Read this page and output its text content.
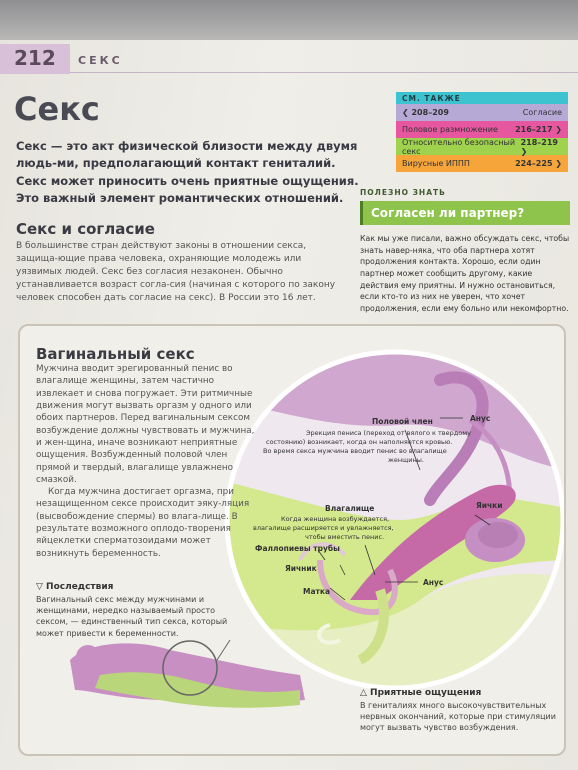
212 СЕКС
Секс
Секс — это акт физической близости между двумя людь-ми, предполагающий контакт гениталий. Секс может приносить очень приятные ощущения. Это важный элемент романтических отношений.
СМ. ТАКЖЕ
❮ 208–209	Согласие
Половое размножение 216–217 ❯
Относительно безопасный секс
218–219 ❯
Вирусные ИППП	224–225 ❯
ПОЛЕЗНО ЗНАТЬ
Согласен ли партнер?
Как мы уже писали, важно обсуждать секс, чтобы знать навер-няка, что оба партнера хотят продолжения контакта. Хорошо, если один партнер может сообщить другому, какие действия ему приятны. И нужно остановиться, если кто-то из них не уверен, что хочет продолжения, если ему больно или некомфортно.
Секс и согласие
В большинстве стран действуют законы в отношении секса, защища-ющие права человека, охраняющие молодежь или уязвимых людей. Секс без согласия незаконен. Обычно устанавливается возраст согла-сия (начиная с которого по закону человек способен дать согласие на секс). В России это 16 лет.
Половой член
Эрекция пениса (переход от вялого к твердому
состоянию) возникает, когда он наполняется кровью.
Во время секса мужчина вводит пенис во влагалище
женщины.
Анус
Яички
Влагалище
Когда женщина возбуждается,
влагалище расширяется и увлажняется,
чтобы вместить пенис.
Фаллопиевы трубы
Яичник
Матка
Анус
Вагинальный секс

Мужчина вводит эрегированный пенис во влагалище женщины, затем частично извлекает и снова погружает. Эти ритмичные движения могут вызвать оргазм у одного или обоих партнеров. Перед вагинальным сексом возбуждение должны чувствовать и мужчина, и жен-щина, иначе возникают неприятные ощущения. Возбужденный половой член прямой и твердый, влагалище увлажнено смазкой.

Когда мужчина достигает оргазма, при незащищенном сексе происходит эяку-ляция (высвобождение спермы) во влага-лище. В результате возможного оплодо-творения яйцеклетки сперматозоидами может возникнуть беременность.

▽ Последствия
Вагинальный секс между мужчинами и женщинами, нередко называемый просто сексом, — единственный тип секса, который может привести к беременности.
△ Приятные ощущения
В гениталиях много высокочувствительных нервных окончаний, которые при стимуляции могут вызвать чувство возбуждения.
